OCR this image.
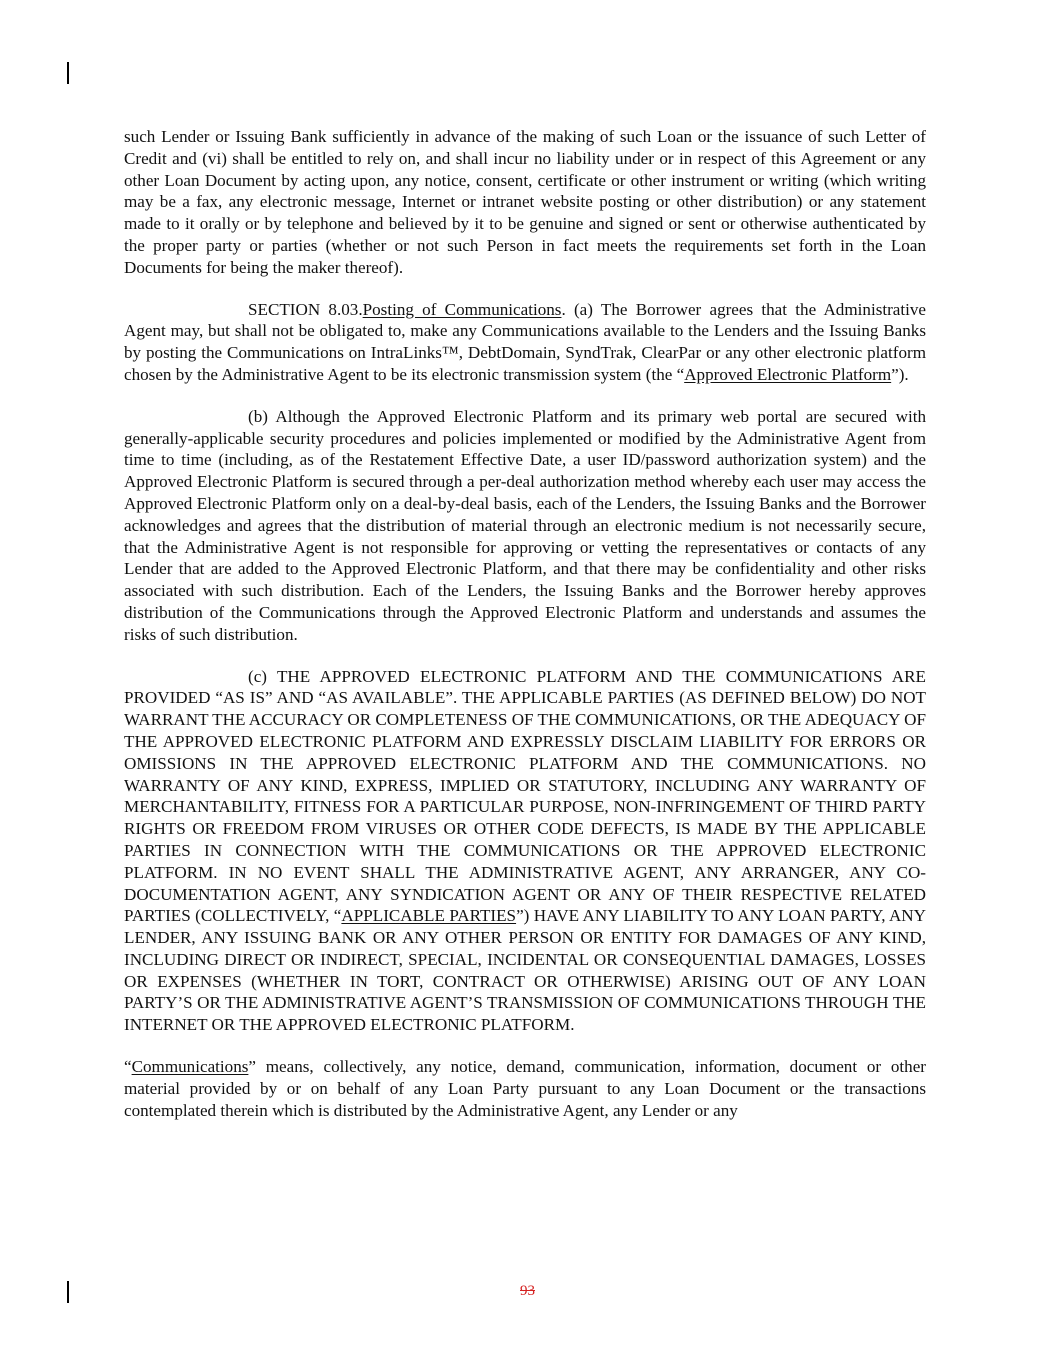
such Lender or Issuing Bank sufficiently in advance of the making of such Loan or the issuance of such Letter of Credit and (vi) shall be entitled to rely on, and shall incur no liability under or in respect of this Agreement or any other Loan Document by acting upon, any notice, consent, certificate or other instrument or writing (which writing may be a fax, any electronic message, Internet or intranet website posting or other distribution) or any statement made to it orally or by telephone and believed by it to be genuine and signed or sent or otherwise authenticated by the proper party or parties (whether or not such Person in fact meets the requirements set forth in the Loan Documents for being the maker thereof).

SECTION 8.03.Posting of Communications. (a) The Borrower agrees that the Administrative Agent may, but shall not be obligated to, make any Communications available to the Lenders and the Issuing Banks by posting the Communications on IntraLinks™, DebtDomain, SyndTrak, ClearPar or any other electronic platform chosen by the Administrative Agent to be its electronic transmission system (the “Approved Electronic Platform”).

(b) Although the Approved Electronic Platform and its primary web portal are secured with generally-applicable security procedures and policies implemented or modified by the Administrative Agent from time to time (including, as of the Restatement Effective Date, a user ID/password authorization system) and the Approved Electronic Platform is secured through a per-deal authorization method whereby each user may access the Approved Electronic Platform only on a deal-by-deal basis, each of the Lenders, the Issuing Banks and the Borrower acknowledges and agrees that the distribution of material through an electronic medium is not necessarily secure, that the Administrative Agent is not responsible for approving or vetting the representatives or contacts of any Lender that are added to the Approved Electronic Platform, and that there may be confidentiality and other risks associated with such distribution. Each of the Lenders, the Issuing Banks and the Borrower hereby approves distribution of the Communications through the Approved Electronic Platform and understands and assumes the risks of such distribution.

(c) THE APPROVED ELECTRONIC PLATFORM AND THE COMMUNICATIONS ARE PROVIDED “AS IS” AND “AS AVAILABLE”. THE APPLICABLE PARTIES (AS DEFINED BELOW) DO NOT WARRANT THE ACCURACY OR COMPLETENESS OF THE COMMUNICATIONS, OR THE ADEQUACY OF THE APPROVED ELECTRONIC PLATFORM AND EXPRESSLY DISCLAIM LIABILITY FOR ERRORS OR OMISSIONS IN THE APPROVED ELECTRONIC PLATFORM AND THE COMMUNICATIONS. NO WARRANTY OF ANY KIND, EXPRESS, IMPLIED OR STATUTORY, INCLUDING ANY WARRANTY OF MERCHANTABILITY, FITNESS FOR A PARTICULAR PURPOSE, NON-INFRINGEMENT OF THIRD PARTY RIGHTS OR FREEDOM FROM VIRUSES OR OTHER CODE DEFECTS, IS MADE BY THE APPLICABLE PARTIES IN CONNECTION WITH THE COMMUNICATIONS OR THE APPROVED ELECTRONIC PLATFORM. IN NO EVENT SHALL THE ADMINISTRATIVE AGENT, ANY ARRANGER, ANY CO-DOCUMENTATION AGENT, ANY SYNDICATION AGENT OR ANY OF THEIR RESPECTIVE RELATED PARTIES (COLLECTIVELY, “APPLICABLE PARTIES”) HAVE ANY LIABILITY TO ANY LOAN PARTY, ANY LENDER, ANY ISSUING BANK OR ANY OTHER PERSON OR ENTITY FOR DAMAGES OF ANY KIND, INCLUDING DIRECT OR INDIRECT, SPECIAL, INCIDENTAL OR CONSEQUENTIAL DAMAGES, LOSSES OR EXPENSES (WHETHER IN TORT, CONTRACT OR OTHERWISE) ARISING OUT OF ANY LOAN PARTY’S OR THE ADMINISTRATIVE AGENT’S TRANSMISSION OF COMMUNICATIONS THROUGH THE INTERNET OR THE APPROVED ELECTRONIC PLATFORM.

“Communications” means, collectively, any notice, demand, communication, information, document or other material provided by or on behalf of any Loan Party pursuant to any Loan Document or the transactions contemplated therein which is distributed by the Administrative Agent, any Lender or any

93
